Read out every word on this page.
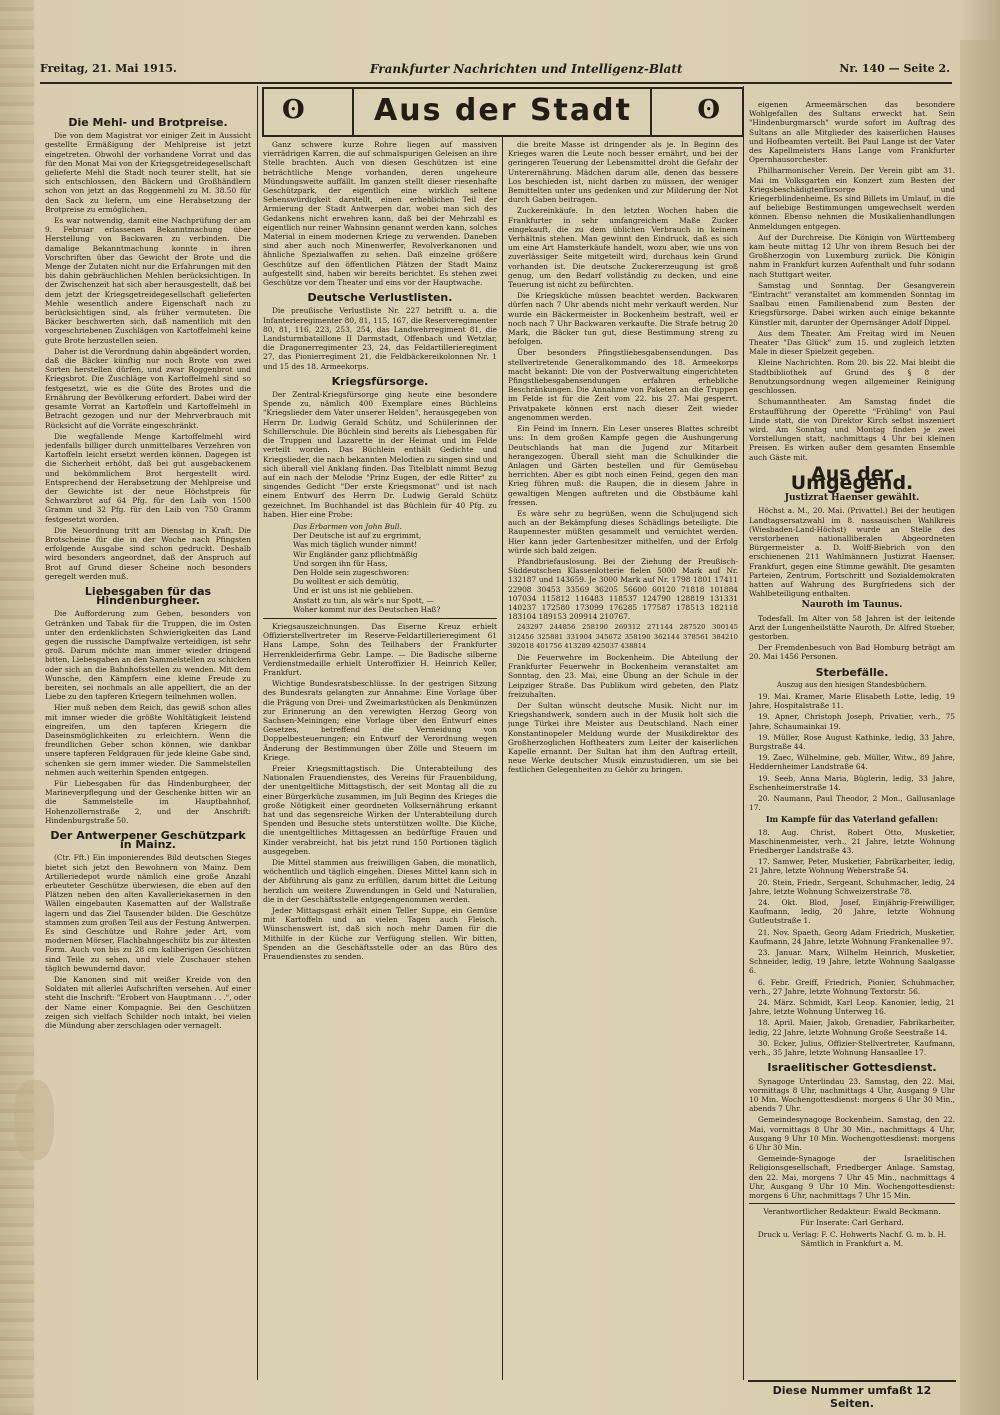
Freitag, 21. Mai 1915.	Frankfurter Nachrichten und Intelligenz-Blatt	Nr. 140 — Seite 2.
ʘ	Aus der Stadt	ʘ
Die Mehl- und Brotpreise.

Die von dem Magistrat vor einiger Zeit in Aussicht gestellte Ermäßigung der Mehlpreise ist jetzt eingetreten. Obwohl der vorhandene Vorrat und das für den Monat Mai von der Kriegsgetreidegesellschaft gelieferte Mehl die Stadt noch teurer stellt, hat sie sich entschlossen, den Bäckern und Großhändlern schon von jetzt an das Roggenmehl zu M. 38.50 für den Sack zu liefern, um eine Herabsetzung der Brotpreise zu ermöglichen.

Es war notwendig, damit eine Nachprüfung der am 9. Februar erlassenen Bekanntmachung über Herstellung von Backwaren zu verbinden. Die damalige Bekanntmachung konnte in ihren Vorschriften über das Gewicht der Brote und die Menge der Zutaten nicht nur die Erfahrungen mit den bis dahin gebräuchlichen Mehlen berücksichtigen. In der Zwischenzeit hat sich aber herausgestellt, daß bei dem jetzt der Kriegsgetreidegesellschaft gelieferten Mehle wesentlich andere Eigenschaft nach zu berücksichtigen sind, als früher vermuteten. Die Bäcker beschwerten sich, daß namentlich mit den vorgeschriebenen Zuschlägen von Kartoffelmehl keine gute Brote herzustellen seien.

Daher ist die Verordnung dahin abgeändert worden, daß die Bäcker künftig nur noch Brote von zwei Sorten herstellen dürfen, und zwar Roggenbrot und Kriegsbrot. Die Zuschläge von Kartoffelmehl sind so festgesetzt, wie es die Güte des Brotes und die Ernährung der Bevölkerung erfordert. Dabei wird der gesamte Vorrat an Kartoffeln und Kartoffelmehl in Betracht gezogen und nur der Mehrverbrauch mit Rücksicht auf die Vorräte eingeschränkt.

Die wegfallende Menge Kartoffelmehl wird jedenfalls billiger durch unmittelbares Verzehren von Kartoffeln leicht ersetzt werden können. Dagegen ist die Sicherheit erhöht, daß bei gut ausgebackenem und bekömmlichem Brot hergestellt wird. Entsprechend der Herabsetzung der Mehlpreise und der Gewichte ist der neue Höchstpreis für Schwarzbrot auf 64 Pfg. für den Laib von 1500 Gramm und 32 Pfg. für den Laib von 750 Gramm festgesetzt worden.

Die Neuordnung tritt am Dienstag in Kraft. Die Brotscheine für die in der Woche nach Pfingsten erfolgende Ausgabe sind schon gedruckt. Deshalb wird besonders angeordnet, daß der Anspruch auf Brot auf Grund dieser Scheine noch besonders geregelt werden muß.

Liebesgaben für das Hindenburgheer.

Die Aufforderung zum Geben, besonders von Getränken und Tabak für die Truppen, die im Osten unter den erdenklichsten Schwierigkeiten das Land gegen die russische Dampfwalze verteidigen, ist sehr groß. Darum möchte man immer wieder dringend bitten, Liebesgaben an den Sammelstellen zu schicken oder sich an die Bahnhofsstellen zu wenden. Mit dem Wunsche, den Kämpfern eine kleine Freude zu bereiten, sei nochmals an alle appelliert, die an der Liebe zu den tapferen Kriegern teilnehmen wollen.

Hier muß neben dem Reich, das gewiß schon alles mit immer wieder die größte Wohltätigkeit leistend eingreifen, um den tapferen Kriegern die Daseinsmöglichkeiten zu erleichtern. Wenn die freundlichen Geber schon können, wie dankbar unsere tapferen Feldgrauen für jede kleine Gabe sind, schenken sie gern immer wieder. Die Sammelstellen nehmen auch weiterhin Spenden entgegen.

Für Liebesgaben für das Hindenburgheer, der Marineverpflegung und der Geschenke bitten wir an die Sammelstelle im Hauptbahnhof, Hohenzollernstraße 2, und der Anschrift: Hindenburgstraße 50.

Der Antwerpener Geschützpark in Mainz.

(Ctr. Fft.) Ein imponierendes Bild deutschen Sieges bietet sich jetzt den Bewohnern von Mainz. Dem Artilleriedepot wurde nämlich eine große Anzahl erbeuteter Geschütze überwiesen, die eben auf den Plätzen neben den alten Kavalleriekasernen in den Wällen eingebauten Kasematten auf der Wallstraße lagern und das Ziel Tausender bilden. Die Geschütze stammen zum großen Teil aus der Festung Antwerpen. Es sind Geschütze und Rohre jeder Art, vom modernen Mörser, Flachbahngeschütz bis zur ältesten Form. Auch von bis zu 28 cm kaliberigen Geschützen sind Teile zu sehen, und viele Zuschauer stehen täglich bewundernd davor.

Die Kanonen sind mit weißer Kreide von den Soldaten mit allerlei Aufschriften versehen. Auf einer steht die Inschrift: "Erobert von Hauptmann . . .", oder der Name einer Kompagnie. Bei den Geschützen zeigen sich vielfach Schilder noch intakt, bei vielen die Mündung aber zerschlagen oder vernagelt.

Ganz schwere kurze Rohre liegen auf massiven vierrädrigen Karren, die auf schmalspurigen Geleisen an ihre Stelle brachten. Auch von diesen Geschützen ist eine beträchtliche Menge vorhanden, deren ungeheure Mündungsweite auffällt. Im ganzen stellt dieser riesenhafte Geschützpark, der eigentlich eine wirklich seltene Sehenswürdigkeit darstellt, einen erheblichen Teil der Armierung der Stadt Antwerpen dar, wobei man sich des Gedankens nicht erwehren kann, daß bei der Mehrzahl es eigentlich nur reiner Wahnsinn genannt werden kann, solches Material in einem modernen Kriege zu verwenden. Daneben sind aber auch noch Minenwerfer, Revolverkanonen und ähnliche Spezialwaffen zu sehen. Daß einzelne größere Geschütze auf den öffentlichen Plätzen der Stadt Mainz aufgestellt sind, haben wir bereits berichtet. Es stehen zwei Geschütze vor dem Theater und eins vor der Hauptwache.

Deutsche Verlustlisten.

Die preußische Verlustliste Nr. 227 betrifft u. a. die Infanterieregimenter 80, 81, 115, 167, die Reserveregimenter 80, 81, 116, 223, 253, 254, das Landwehrregiment 81, die Landsturmbataillone II Darmstadt, Offenbach und Wetzlar, die Dragonerregimenter 23, 24, das Feldartillerieregiment 27, das Pionierregiment 21, die Feldbäckereikolonnen Nr. 1 und 15 des 18. Armeekorps.

Kriegsfürsorge.

Der Zentral-Kriegsfürsorge ging heute eine besondere Spende zu, nämlich 400 Exemplare eines Büchleins "Kriegslieder dem Vater unserer Helden", herausgegeben von Herrn Dr. Ludwig Gerald Schütz, und Schülerinnen der Schillerschule. Die Büchlein sind bereits als Liebesgaben für die Truppen und Lazarette in der Heimat und im Felde verteilt worden. Das Büchlein enthält Gedichte und Kriegslieder, die nach bekannten Melodien zu singen sind und sich überall viel Anklang finden. Das Titelblatt nimmt Bezug auf ein nach der Melodie "Prinz Eugen, der edle Ritter" zu singendes Gedicht "Der erste Kriegsmonat" und ist nach einem Entwurf des Herrn Dr. Ludwig Gerald Schütz gezeichnet. Im Buchhandel ist das Büchlein für 40 Pfg. zu haben. Hier eine Probe:

Das Erbarmen von John Bull.
Der Deutsche ist auf zu ergrimmt,
Was mich täglich wunder nimmt!
Wir Engländer ganz pflichtmäßig
Und sorgen ihn für Hass,
Den Holde sein zugeschworen:
Du wolltest er sich demütig,
Und er ist uns ist nie geblieben.
Anstatt zu tun, als wär's nur Spott, —
Woher kommt nur des Deutschen Haß?

Kriegsauszeichnungen. Das Eiserne Kreuz erhielt Offizierstellvertreter im Reserve-Feldartillerieregiment 61 Hans Lampe, Sohn des Teilhabers der Frankfurter Herrenkleiderfirma Gebr. Lampe. — Die Badische silberne Verdienstmedaille erhielt Unteroffizier H. Heinrich Keller, Frankfurt.

Wichtige Bundesratsbeschlüsse. In der gestrigen Sitzung des Bundesrats gelangten zur Annahme: Eine Vorlage über die Prägung von Drei- und Zweimarkstücken als Denkmünzen zur Erinnerung an den verewigten Herzog Georg von Sachsen-Meiningen; eine Vorlage über den Entwurf eines Gesetzes, betreffend die Vermeidung von Doppelbesteuerungen; ein Entwurf der Verordnung wegen Änderung der Bestimmungen über Zölle und Steuern im Kriege.

Freier Kriegsmittagstisch. Die Unterabteilung des Nationalen Frauendienstes, des Vereins für Frauenbildung, der unentgeltliche Mittagstisch, der seit Montag all die zu einer Bürgerküche zusammen, im Juli Beginn des Krieges die große Nötigkeit einer geordneten Volksernährung erkannt hat und das segensreiche Wirken der Unterabteilung durch Spenden und Besuche stets unterstützen wollte. Die Küche, die unentgeltliches Mittagessen an bedürftige Frauen und Kinder verabreicht, hat bis jetzt rund 150 Portionen täglich ausgegeben.

Die Mittel stammen aus freiwilligen Gaben, die monatlich, wöchentlich und täglich eingehen. Dieses Mittel kann sich in der Abführung als ganz zu erfüllen, darum bittet die Leitung herzlich um weitere Zuwendungen in Geld und Naturalien, die in der Geschäftsstelle entgegengenommen werden.

Jeder Mittagsgast erhält einen Teller Suppe, ein Gemüse mit Kartoffeln und an vielen Tagen auch Fleisch. Wünschenswert ist, daß sich noch mehr Damen für die Mithilfe in der Küche zur Verfügung stellen. Wir bitten, Spenden an die Geschäftsstelle oder an das Büro des Frauendienstes zu senden.

die breite Masse ist dringender als je. In Beginn des Krieges waren die Leute noch besser ernährt, und bei der geringeren Teuerung der Lebensmittel droht die Gefahr der Unterernährung. Mädchen darum alle, denen das bessere Los beschieden ist, nicht darben zu müssen, der weniger Bemittelten unter uns gedenken und zur Milderung der Not durch Gaben beitragen.

Zuckereinkäufe. In den letzten Wochen haben die Frankfurter in sehr umfangreichem Maße Zucker eingekauft, die zu dem üblichen Verbrauch in keinem Verhältnis stehen. Man gewinnt den Eindruck, daß es sich um eine Art Hamsterkäufe handelt, wozu aber, wie uns von zuverlässiger Seite mitgeteilt wird, durchaus kein Grund vorhanden ist. Die deutsche Zuckererzeugung ist groß genug, um den Bedarf vollständig zu decken, und eine Teuerung ist nicht zu befürchten.

Die Kriegsküche müssen beachtet werden. Backwaren dürfen nach 7 Uhr abends nicht mehr verkauft werden. Nur wurde ein Bäckermeister in Bockenheim bestraft, weil er noch nach 7 Uhr Backwaren verkaufte. Die Strafe betrug 20 Mark, die Bäcker tun gut, diese Bestimmung streng zu befolgen.

Über besonders Pfingstliebesgabensendungen. Das stellvertretende Generalkommando des 18. Armeekorps macht bekannt: Die von der Postverwaltung eingerichteten Pfingstliebesgabensendungen erfahren erhebliche Beschränkungen. Die Annahme von Paketen an die Truppen im Felde ist für die Zeit vom 22. bis 27. Mai gesperrt. Privatpakete können erst nach dieser Zeit wieder angenommen werden.

Ein Feind im Innern. Ein Leser unseres Blattes schreibt uns: In dem großen Kampfe gegen die Aushungerung Deutschlands hat man die Jugend zur Mitarbeit herangezogen. Überall sieht man die Schulkinder die Anlagen und Gärten bestellen und für Gemüsebau herrichten. Aber es gibt noch einen Feind, gegen den man Krieg führen muß: die Raupen, die in diesem Jahre in gewaltigen Mengen auftreten und die Obstbäume kahl fressen.

Es wäre sehr zu begrüßen, wenn die Schuljugend sich auch an der Bekämpfung dieses Schädlings beteiligte. Die Raupennester müßten gesammelt und vernichtet werden. Hier kann jeder Gartenbesitzer mithelfen, und der Erfolg würde sich bald zeigen.

Pfandbriefauslosung. Bei der Ziehung der Preußisch-Süddeutschen Klassenlotterie fielen 5000 Mark auf Nr. 132187 und 143659. Je 3000 Mark auf Nr. 1798 1801 17411 22908 30453 33569 36205 56600 60120 71818 101884 107034 115812 116483 118537 124790 128819 131331 140237 172580 173099 176285 177587 178513 182118 183104 189153 209914 210767.

243297 244856 258190 269312 271144 287520 300145 312456 325881 331904 345672 358190 362144 378561 384210 392018 401756 413289 425037 438814

Die Feuerwehre im Bockenheim. Die Abteilung der Frankfurter Feuerwehr in Bockenheim veranstaltet am Sonntag, den 23. Mai, eine Übung an der Schule in der Leipziger Straße. Das Publikum wird gebeten, den Platz freizuhalten.

Der Sultan wünscht deutsche Musik. Nicht nur im Kriegshandwerk, sondern auch in der Musik holt sich die junge Türkei ihre Meister aus Deutschland. Nach einer Konstantinopeler Meldung wurde der Musikdirektor des Großherzoglichen Hoftheaters zum Leiter der kaiserlichen Kapelle ernannt. Der Sultan hat ihm den Auftrag erteilt, neue Werke deutscher Musik einzustudieren, um sie bei festlichen Gelegenheiten zu Gehör zu bringen.

eigenen Armeemärschen das besondere Wohlgefallen des Sultans erweckt hat. Sein "Hindenburgmarsch" wurde sofort im Auftrag des Sultans an alle Mitglieder des kaiserlichen Hauses und Hofbeamten verteilt. Bei Paul Lange ist der Vater des Kapellmeisters Hans Lange vom Frankfurter Opernhausorchester.

Philharmonischer Verein. Der Verein gibt am 31. Mai im Volksgarten ein Konzert zum Besten der Kriegsbeschädigtenfürsorge und Kriegerblindenheime. Es sind Billets im Umlauf, in die auf beliebige Bestimmungen umgewechselt werden können. Ebenso nehmen die Musikalienhandlungen Anmeldungen entgegen.

Auf der Durchreise. Die Königin von Württemberg kam heute mittag 12 Uhr von ihrem Besuch bei der Großherzogin von Luxemburg zurück. Die Königin nahm in Frankfurt kurzen Aufenthalt und fuhr sodann nach Stuttgart weiter.

Samstag und Sonntag. Der Gesangverein "Eintracht" veranstaltet am kommenden Sonntag im Saalbau einen Familienabend zum Besten der Kriegsfürsorge. Dabei wirken auch einige bekannte Künstler mit, darunter der Opernsänger Adolf Dippel.

Aus dem Theater. Am Freitag wird im Neuen Theater "Das Glück" zum 15. und zugleich letzten Male in dieser Spielzeit gegeben.

Kleine Nachrichten. Rom 20. bis 22. Mai bleibt die Stadtbibliothek auf Grund des § 8 der Benutzungsordnung wegen allgemeiner Reinigung geschlossen.

Schumanntheater. Am Samstag findet die Erstaufführung der Operette "Frühling" von Paul Linde statt, die von Direktor Kirch selbst inszeniert wird. Am Sonntag und Montag finden je zwei Vorstellungen statt, nachmittags 4 Uhr bei kleinen Preisen. Es wirken außer dem gesamten Ensemble auch Gäste mit.

Aus der Umgegend.
Justizrat Haenser gewählt.

Höchst a. M., 20. Mai. (Privattel.) Bei der heutigen Landtagsersatzwahl im 8. nassauischen Wahlkreis (Wiesbaden-Land-Höchst) wurde an Stelle des verstorbenen nationalliberalen Abgeordneten Bürgermeister a. D. Wolff-Biebrich von den erschienenen 211 Wahlmännern Justizrat Haenser, Frankfurt, gegen eine Stimme gewählt. Die gesamten Parteien, Zentrum, Fortschritt und Sozialdemokraten hatten auf Wahrung des Burgfriedens sich der Wahlbeteiligung enthalten.

Nauroth im Taunus.

Todesfall. Im Alter von 58 Jahren ist der leitende Arzt der Lungenheilstätte Nauroth, Dr. Alfred Stoeber, gestorben.

Der Fremdenbesuch von Bad Homburg beträgt am 20. Mai 1456 Personen.

Sterbefälle.
Auszug aus den hiesigen Standesbüchern.

19. Mai. Kramer, Marie Elisabeth Lotte, ledig, 19 Jahre, Hospitalstraße 11.

19. Apner, Christoph Joseph, Privatier, verh., 75 Jahre, Schaumainkai 19.

19. Müller, Rose August Kathinke, ledig, 33 Jahre, Burgstraße 44.

19. Zaec, Wilhelmine, geb. Müller, Witw., 89 Jahre, Heddernheimer Landstraße 64.

19. Seeb, Anna Maria, Büglerin, ledig, 33 Jahre, Eschenheimerstraße 14.

20. Naumann, Paul Theodor, 2 Mon., Gallusanlage 17.

Im Kampfe für das Vaterland gefallen:

18. Aug. Christ, Robert Otto, Musketier, Maschinenmeister, verh., 21 Jahre, letzte Wohnung Friedberger Landstraße 43.

17. Samwer, Peter, Musketier, Fabrikarbeiter, ledig, 21 Jahre, letzte Wohnung Weberstraße 54.

20. Stein, Friedr., Sergeant, Schuhmacher, ledig, 24 Jahre, letzte Wohnung Schweizerstraße 78.

24. Okt. Blod, Josef, Einjährig-Freiwilliger, Kaufmann, ledig, 20 Jahre, letzte Wohnung Gutleutstraße 1.

21. Nov. Spaeth, Georg Adam Friedrich, Musketier, Kaufmann, 24 Jahre, letzte Wohnung Frankenallee 97.

23. Januar. Marx, Wilhelm Heinrich, Musketier, Schneider, ledig, 19 Jahre, letzte Wohnung Saalgasse 6.

6. Febr. Greiff, Friedrich, Pionier, Schuhmacher, verh., 27 Jahre, letzte Wohnung Textorstr. 56.

24. März. Schmidt, Karl Leop. Kanonier, ledig, 21 Jahre, letzte Wohnung Unterweg 16.

18. April. Maier, Jakob, Grenadier, Fabrikarbeiter, ledig, 22 Jahre, letzte Wohnung Große Seestraße 14.

30. Ecker, Julius, Offizier-Stellvertreter, Kaufmann, verh., 35 Jahre, letzte Wohnung Hansaallee 17.

Israelitischer Gottesdienst.

Synagoge Unterlindau 23. Samstag, den 22. Mai, vormittags 8 Uhr, nachmittags 4 Uhr, Ausgang 9 Uhr 10 Min. Wochengottesdienst: morgens 6 Uhr 30 Min., abends 7 Uhr.

Gemeindesynagoge Bockenheim. Samstag, den 22. Mai, vormittags 8 Uhr 30 Min., nachmittags 4 Uhr, Ausgang 9 Uhr 10 Min. Wochengottesdienst: morgens 6 Uhr 30 Min.

Gemeinde-Synagoge der Israelitischen Religionsgesellschaft, Friedberger Anlage. Samstag, den 22. Mai, morgens 7 Uhr 45 Min., nachmittags 4 Uhr, Ausgang 9 Uhr 10 Min. Wochengottesdienst: morgens 6 Uhr, nachmittags 7 Uhr 15 Min.

Verantwortlicher Redakteur: Ewald Beckmann.

Für Inserate: Carl Gerhard.

Druck u. Verlag: F. C. Hohwerts Nachf. G. m. b. H. Sämtlich in Frankfurt a. M.

Diese Nummer umfaßt 12 Seiten.
